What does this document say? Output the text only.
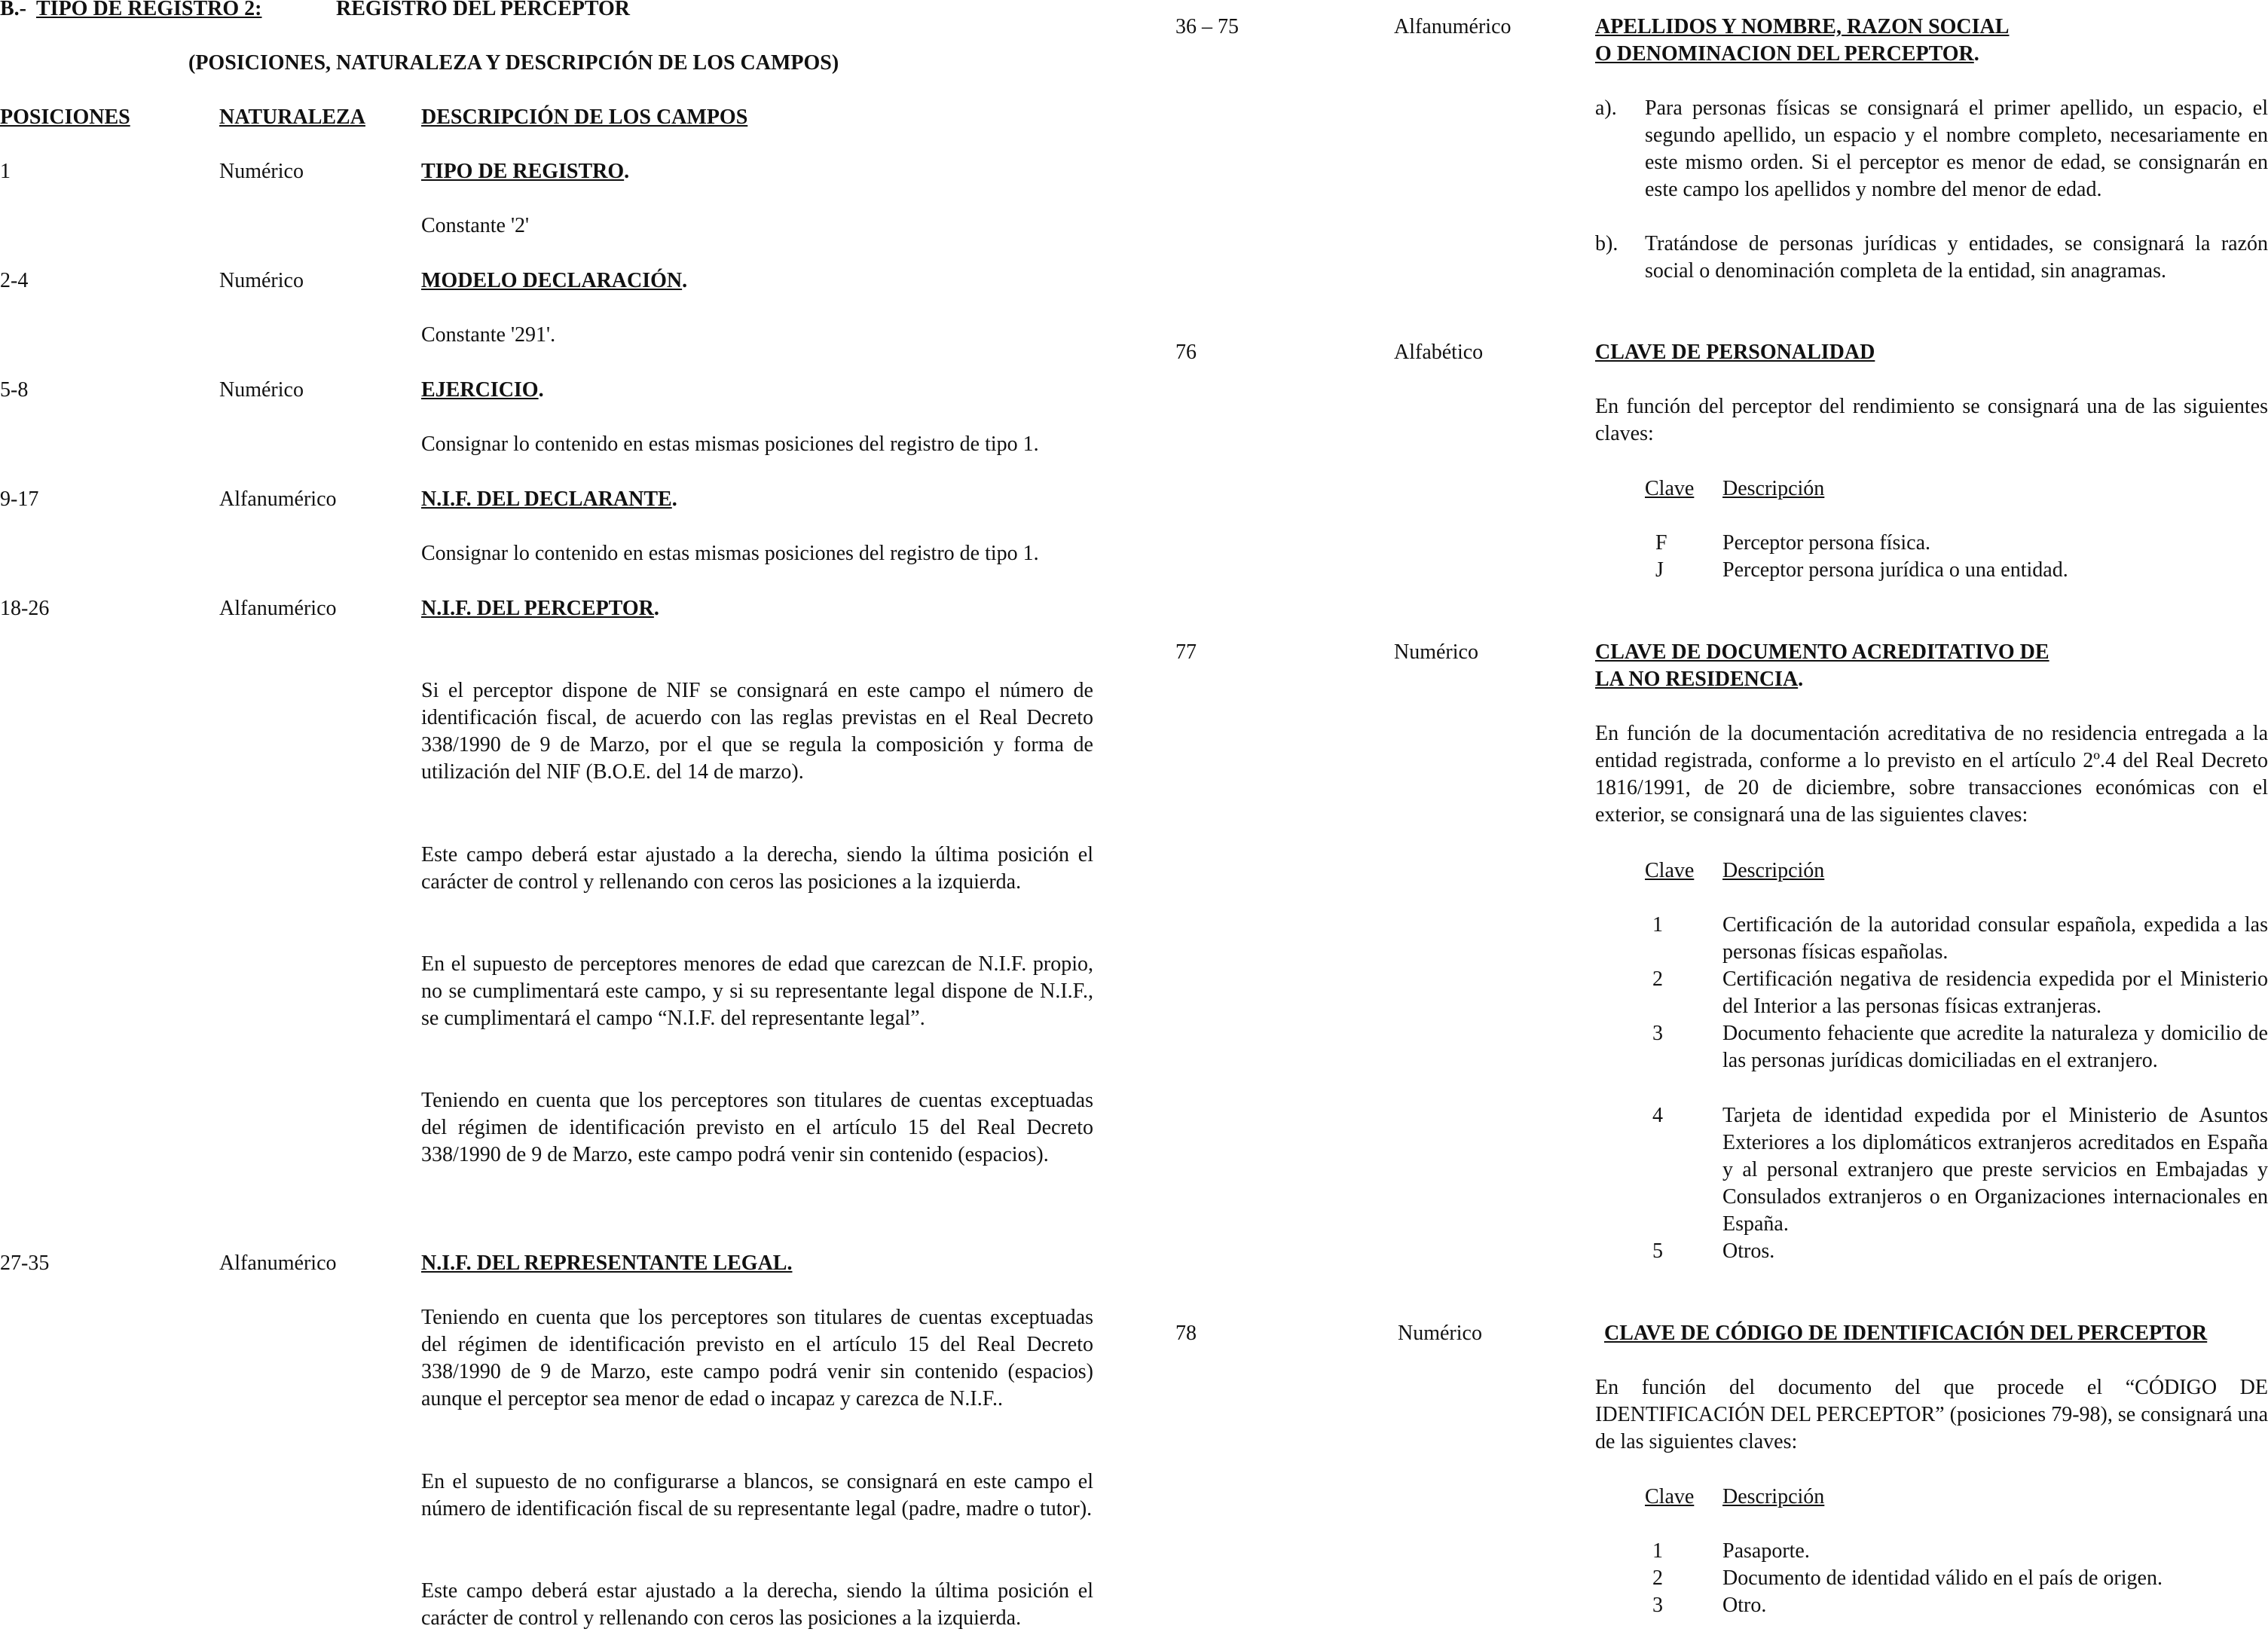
B.- TIPO DE REGISTRO 2:	REGISTRO DEL PERCEPTOR
(POSICIONES, NATURALEZA Y DESCRIPCIÓN DE LOS CAMPOS)
POSICIONES	NATURALEZA	DESCRIPCIÓN DE LOS CAMPOS
1	Numérico	TIPO DE REGISTRO.
Constante '2'
2-4	Numérico	MODELO DECLARACIÓN.
Constante '291'.
5-8	Numérico	EJERCICIO.
Consignar lo contenido en estas mismas posiciones del registro de tipo 1.
9-17	Alfanumérico	N.I.F. DEL DECLARANTE.
Consignar lo contenido en estas mismas posiciones del registro de tipo 1.
18-26	Alfanumérico	N.I.F. DEL PERCEPTOR.
Si el perceptor dispone de NIF se consignará en este campo el número de identificación fiscal, de acuerdo con las reglas previstas en el Real Decreto 338/1990 de 9 de Marzo, por el que se regula la composición y forma de utilización del NIF (B.O.E. del 14 de marzo).
Este campo deberá estar ajustado a la derecha, siendo la última posición el carácter de control y rellenando con ceros las posiciones a la izquierda.
En el supuesto de perceptores menores de edad que carezcan de N.I.F. propio, no se cumplimentará este campo, y si su representante legal dispone de N.I.F., se cumplimentará el campo “N.I.F. del representante legal”.
Teniendo en cuenta que los perceptores son titulares de cuentas exceptuadas del régimen de identificación previsto en el artículo 15 del Real Decreto 338/1990 de 9 de Marzo, este campo podrá venir sin contenido (espacios).
27-35	Alfanumérico	N.I.F. DEL REPRESENTANTE LEGAL.
Teniendo en cuenta que los perceptores son titulares de cuentas exceptuadas del régimen de identificación previsto en el artículo 15 del Real Decreto 338/1990 de 9 de Marzo, este campo podrá venir sin contenido (espacios) aunque el perceptor sea menor de edad o incapaz y carezca de N.I.F..
En el supuesto de no configurarse a blancos, se consignará en este campo el número de identificación fiscal de su representante legal (padre, madre o tutor).
Este campo deberá estar ajustado a la derecha, siendo la última posición el carácter de control y rellenando con ceros las posiciones a la izquierda.
36 – 75	Alfanumérico	APELLIDOS Y NOMBRE, RAZON SOCIAL
O DENOMINACION DEL PERCEPTOR.
a). Para personas físicas se consignará el primer apellido, un espacio, el segundo apellido, un espacio y el nombre completo, necesariamente en este mismo orden. Si el perceptor es menor de edad, se consignarán en este campo los apellidos y nombre del menor de edad.
b). Tratándose de personas jurídicas y entidades, se consignará la razón social o denominación completa de la entidad, sin anagramas.
76	Alfabético	CLAVE DE PERSONALIDAD
En función del perceptor del rendimiento se consignará una de las siguientes claves:
Clave Descripción
F	Perceptor persona física.
J	Perceptor persona jurídica o una entidad.
77	Numérico	CLAVE DE DOCUMENTO ACREDITATIVO DE
LA NO RESIDENCIA.
En función de la documentación acreditativa de no residencia entregada a la entidad registrada, conforme a lo previsto en el artículo 2º.4 del Real Decreto 1816/1991, de 20 de diciembre, sobre transacciones económicas con el exterior, se consignará una de las siguientes claves:
Clave Descripción
1	Certificación de la autoridad consular española, expedida a las personas físicas españolas.
2	Certificación negativa de residencia expedida por el Ministerio del Interior a las personas físicas extranjeras.
3	Documento fehaciente que acredite la naturaleza y domicilio de las personas jurídicas domiciliadas en el extranjero.
4	Tarjeta de identidad expedida por el Ministerio de Asuntos Exteriores a los diplomáticos extranjeros acreditados en España y al personal extranjero que preste servicios en Embajadas y Consulados extranjeros o en Organizaciones internacionales en España.
5	Otros.
78	Numérico	CLAVE DE CÓDIGO DE IDENTIFICACIÓN DEL PERCEPTOR
En función del documento del que procede el “CÓDIGO DE IDENTIFICACIÓN DEL PERCEPTOR” (posiciones 79-98), se consignará una de las siguientes claves:
Clave Descripción
1	Pasaporte.
2	Documento de identidad válido en el país de origen.
3	Otro.
